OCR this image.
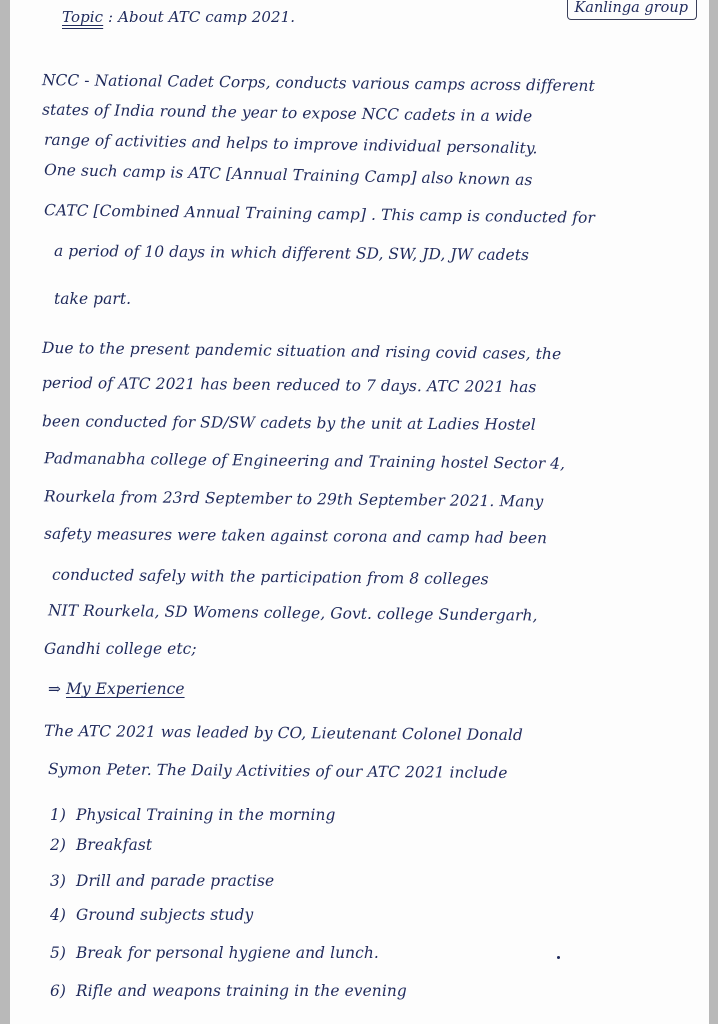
Topic : About ATC camp 2021.	Kanlinga group
NCC - National Cadet Corps, conducts various camps across different
states of India round the year to expose NCC cadets in a wide
range of activities and helps to improve individual personality.
One such camp is ATC [Annual Training Camp] also known as
CATC [Combined Annual Training camp] . This camp is conducted for
a period of 10 days in which different SD, SW, JD, JW cadets
take part.
Due to the present pandemic situation and rising covid cases, the
period of ATC 2021 has been reduced to 7 days. ATC 2021 has
been conducted for SD/SW cadets by the unit at Ladies Hostel
Padmanabha college of Engineering and Training hostel Sector 4,
Rourkela from 23rd September to 29th September 2021. Many
safety measures were taken against corona and camp had been
conducted safely with the participation from 8 colleges
NIT Rourkela, SD Womens college, Govt. college Sundergarh,
Gandhi college etc;
⇒ My Experience
The ATC 2021 was leaded by CO, Lieutenant Colonel Donald
Symon Peter. The Daily Activities of our ATC 2021 include
1) Physical Training in the morning
2) Breakfast
3) Drill and parade practise
4) Ground subjects study
5) Break for personal hygiene and lunch.
6) Rifle and weapons training in the evening
